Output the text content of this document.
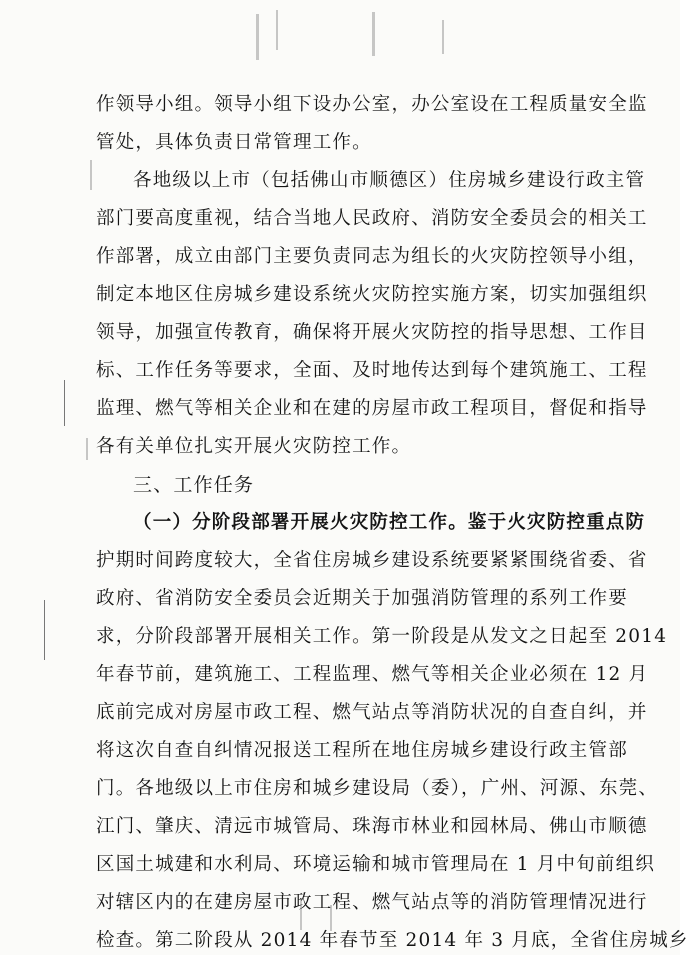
作领导小组。领导小组下设办公室，办公室设在工程质量安全监
管处，具体负责日常管理工作。
各地级以上市（包括佛山市顺德区）住房城乡建设行政主管
部门要高度重视，结合当地人民政府、消防安全委员会的相关工
作部署，成立由部门主要负责同志为组长的火灾防控领导小组，
制定本地区住房城乡建设系统火灾防控实施方案，切实加强组织
领导，加强宣传教育，确保将开展火灾防控的指导思想、工作目
标、工作任务等要求，全面、及时地传达到每个建筑施工、工程
监理、燃气等相关企业和在建的房屋市政工程项目，督促和指导
各有关单位扎实开展火灾防控工作。
三、工作任务
（一）分阶段部署开展火灾防控工作。鉴于火灾防控重点防
护期时间跨度较大，全省住房城乡建设系统要紧紧围绕省委、省
政府、省消防安全委员会近期关于加强消防管理的系列工作要
求，分阶段部署开展相关工作。第一阶段是从发文之日起至 2014
年春节前，建筑施工、工程监理、燃气等相关企业必须在 12 月
底前完成对房屋市政工程、燃气站点等消防状况的自查自纠，并
将这次自查自纠情况报送工程所在地住房城乡建设行政主管部
门。各地级以上市住房和城乡建设局（委），广州、河源、东莞、
江门、肇庆、清远市城管局、珠海市林业和园林局、佛山市顺德
区国土城建和水利局、环境运输和城市管理局在 1 月中旬前组织
对辖区内的在建房屋市政工程、燃气站点等的消防管理情况进行
检查。第二阶段从 2014 年春节至 2014 年 3 月底，全省住房城乡
